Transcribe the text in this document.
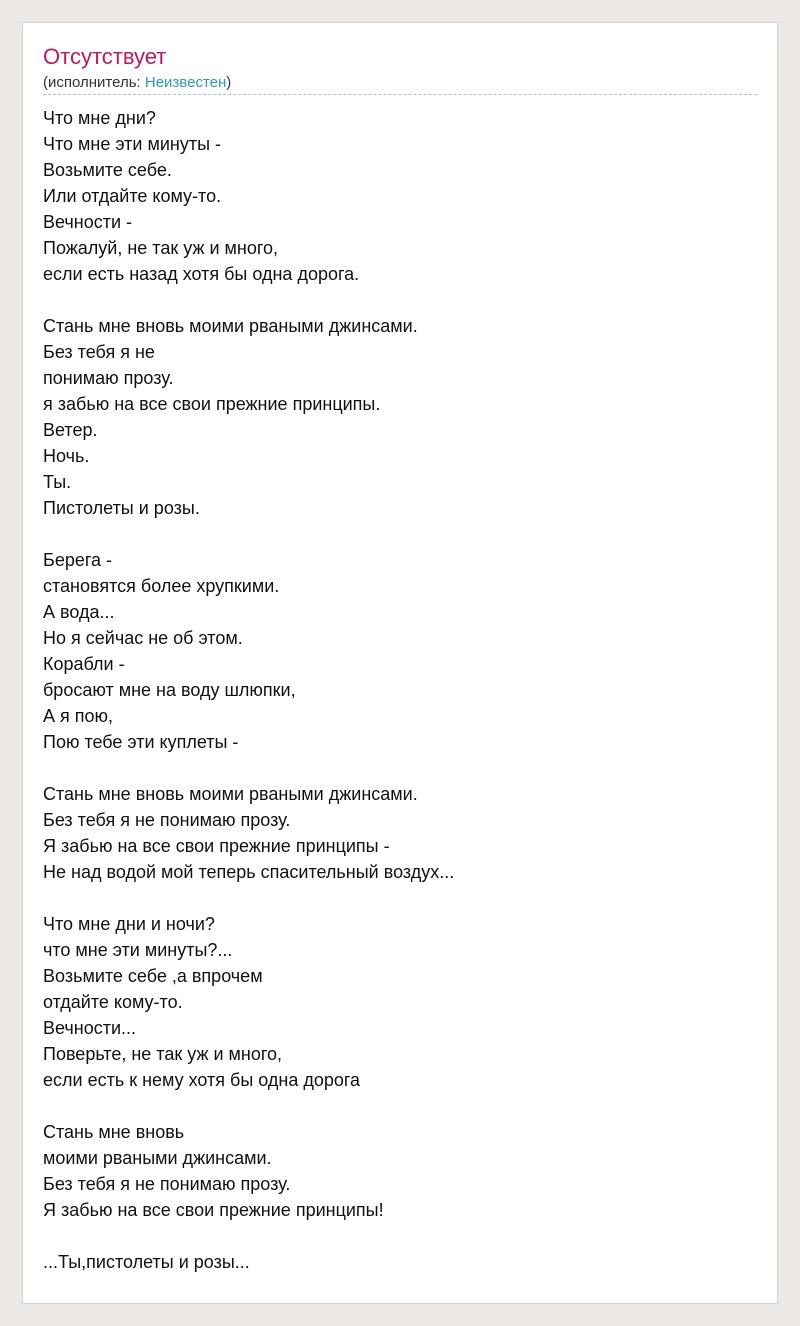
Отсутствует
(исполнитель: Неизвестен)
Что мне дни?
Что мне эти минуты -
Возьмите себе.
Или отдайте кому-то.
Вечности -
Пожалуй, не так уж и много,
если есть назад хотя бы одна дорога.
Стань мне вновь моими рваными джинсами.
Без тебя я не
понимаю прозу.
я забью на все свои прежние принципы.
Ветер.
Ночь.
Ты.
Пистолеты и розы.
Берега -
становятся более хрупкими.
А вода...
Но я сейчас не об этом.
Корабли -
бросают мне на воду шлюпки,
А я пою,
Пою тебе эти куплеты -
Стань мне вновь моими рваными джинсами.
Без тебя я не понимаю прозу.
Я забью на все свои прежние принципы -
Не над водой мой теперь спасительный воздух...
Что мне дни и ночи?
что мне эти минуты?...
Возьмите себе ,а впрочем
отдайте кому-то.
Вечности...
Поверьте, не так уж и много,
если есть к нему хотя бы одна дорога
Стань мне вновь
моими рваными джинсами.
Без тебя я не понимаю прозу.
Я забью на все свои прежние принципы!
...Ты,пистолеты и розы...
